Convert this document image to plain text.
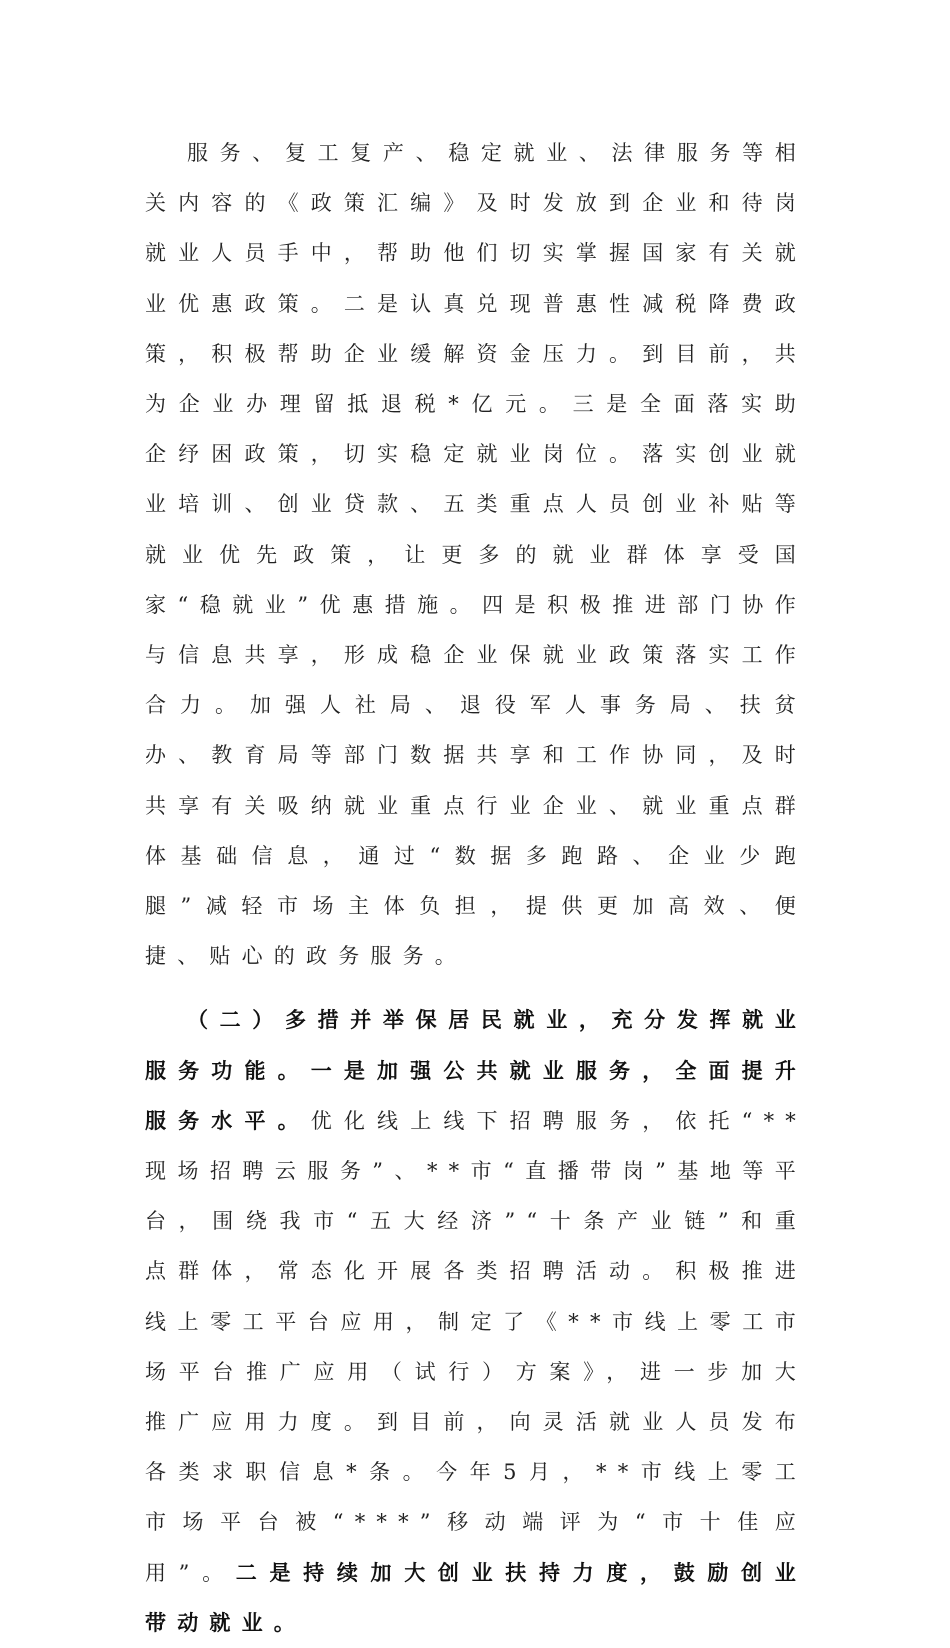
服务、复工复产、稳定就业、法律服务等相关内容的《政策汇编》及时发放到企业和待岗就业人员手中，帮助他们切实掌握国家有关就业优惠政策。二是认真兑现普惠性减税降费政策，积极帮助企业缓解资金压力。到目前，共为企业办理留抵退税*亿元。三是全面落实助企纾困政策，切实稳定就业岗位。落实创业就业培训、创业贷款、五类重点人员创业补贴等就业优先政策，让更多的就业群体享受国家“稳就业”优惠措施。四是积极推进部门协作与信息共享，形成稳企业保就业政策落实工作合力。加强人社局、退役军人事务局、扶贫办、教育局等部门数据共享和工作协同，及时共享有关吸纳就业重点行业企业、就业重点群体基础信息，通过“数据多跑路、企业少跑腿”减轻市场主体负担，提供更加高效、便捷、贴心的政务服务。

（二）多措并举保居民就业，充分发挥就业服务功能。一是加强公共就业服务，全面提升服务水平。优化线上线下招聘服务，依托“**现场招聘云服务”、**市“直播带岗”基地等平台，围绕我市“五大经济”“十条产业链”和重点群体，常态化开展各类招聘活动。积极推进线上零工平台应用，制定了《**市线上零工市场平台推广应用（试行）方案》，进一步加大推广应用力度。到目前，向灵活就业人员发布各类求职信息*条。今年5月，**市线上零工市场平台被“***”移动端评为“市十佳应用”。二是持续加大创业扶持力度，鼓励创业带动就业。
